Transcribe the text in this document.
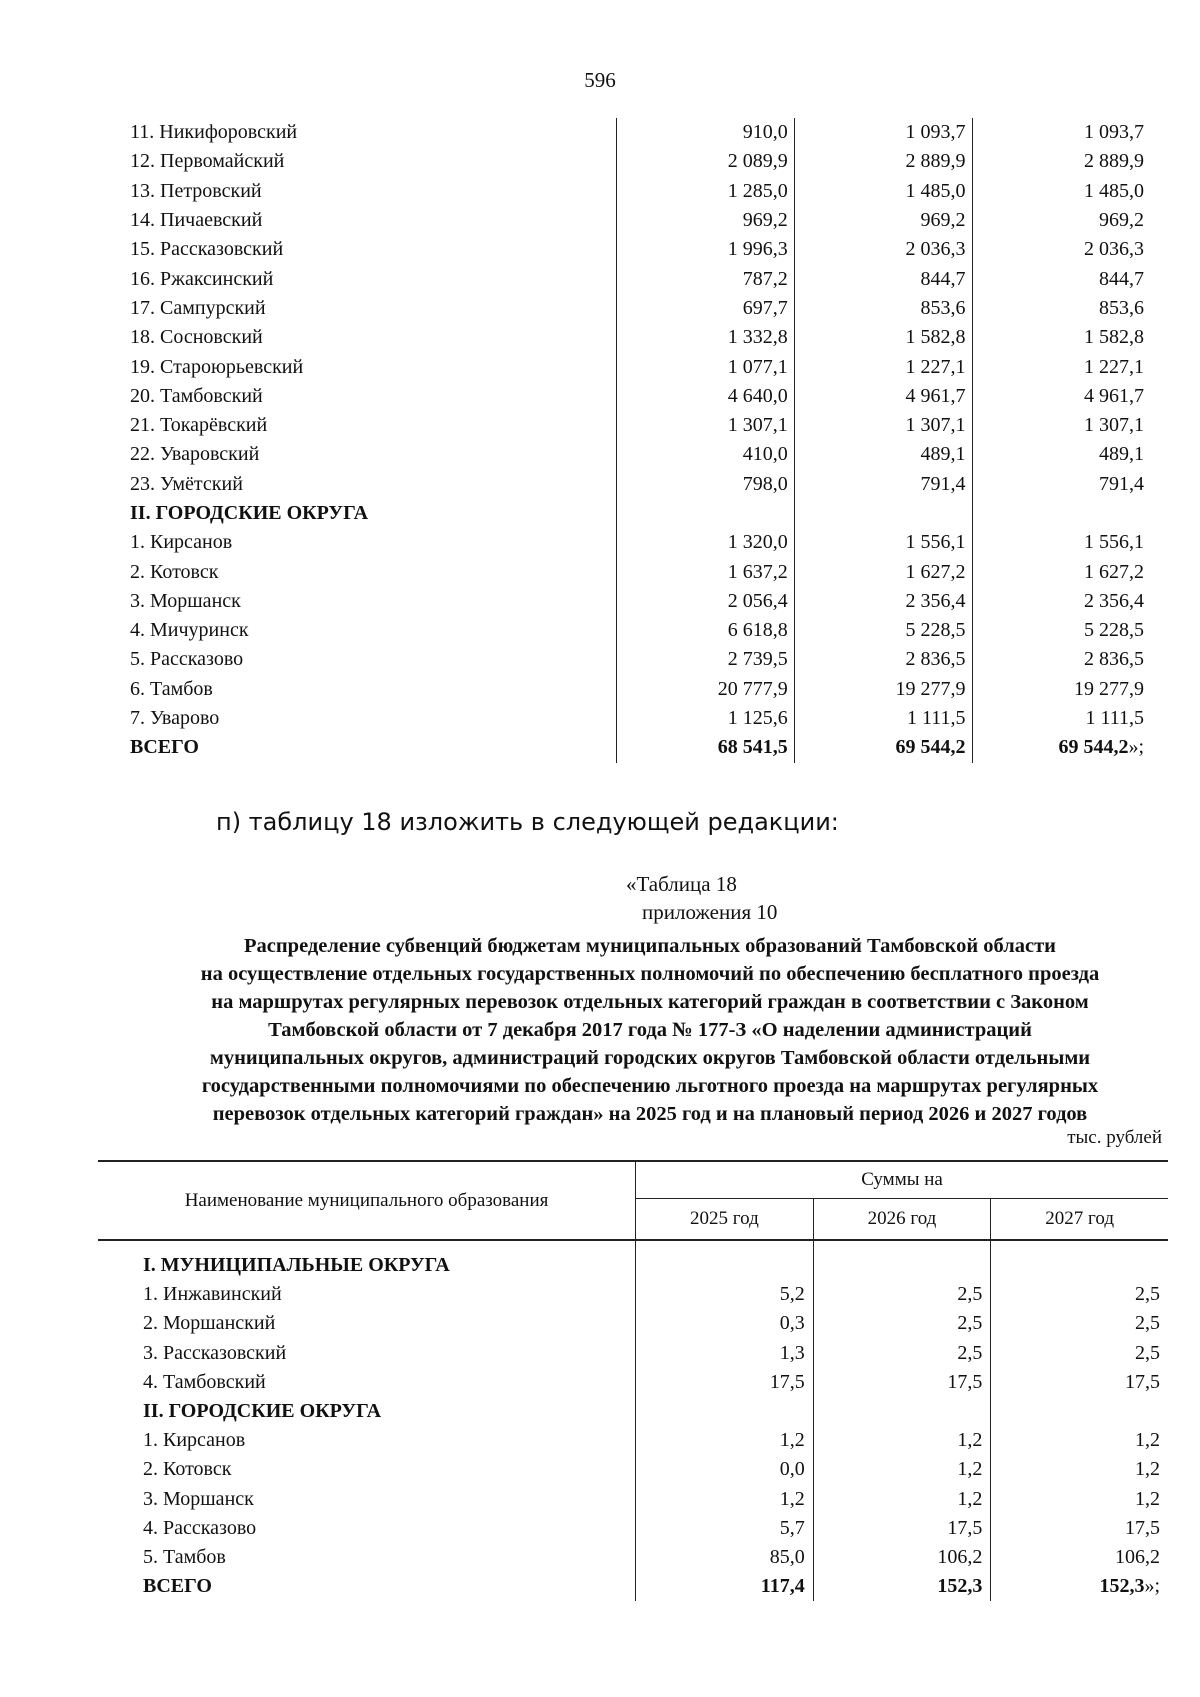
596
11. Никифоровский	910,0	1 093,7	1 093,7
12. Первомайский	2 089,9	2 889,9	2 889,9
13. Петровский	1 285,0	1 485,0	1 485,0
14. Пичаевский	969,2	969,2	969,2
15. Рассказовский	1 996,3	2 036,3	2 036,3
16. Ржаксинский	787,2	844,7	844,7
17. Сампурский	697,7	853,6	853,6
18. Сосновский	1 332,8	1 582,8	1 582,8
19. Староюрьевский	1 077,1	1 227,1	1 227,1
20. Тамбовский	4 640,0	4 961,7	4 961,7
21. Токарёвский	1 307,1	1 307,1	1 307,1
22. Уваровский	410,0	489,1	489,1
23. Умётский	798,0	791,4	791,4
II. ГОРОДСКИЕ ОКРУГА			
1. Кирсанов	1 320,0	1 556,1	1 556,1
2. Котовск	1 637,2	1 627,2	1 627,2
3. Моршанск	2 056,4	2 356,4	2 356,4
4. Мичуринск	6 618,8	5 228,5	5 228,5
5. Рассказово	2 739,5	2 836,5	2 836,5
6. Тамбов	20 777,9	19 277,9	19 277,9
7. Уварово	1 125,6	1 111,5	1 111,5
ВСЕГО	68 541,5	69 544,2	69 544,2»;
п) таблицу 18 изложить в следующей редакции:
«Таблица 18
приложения 10
Распределение субвенций бюджетам муниципальных образований Тамбовской области
на осуществление отдельных государственных полномочий по обеспечению бесплатного проезда
на маршрутах регулярных перевозок отдельных категорий граждан в соответствии с Законом
Тамбовской области от 7 декабря 2017 года № 177-З «О наделении администраций
муниципальных округов, администраций городских округов Тамбовской области отдельными
государственными полномочиями по обеспечению льготного проезда на маршрутах регулярных
перевозок отдельных категорий граждан» на 2025 год и на плановый период 2026 и 2027 годов
тыс. рублей
Наименование муниципального образования	Суммы на		
	2025 год	2026 год	2027 год
I. МУНИЦИПАЛЬНЫЕ ОКРУГА			
1. Инжавинский	5,2	2,5	2,5
2. Моршанский	0,3	2,5	2,5
3. Рассказовский	1,3	2,5	2,5
4. Тамбовский	17,5	17,5	17,5
II. ГОРОДСКИЕ ОКРУГА			
1. Кирсанов	1,2	1,2	1,2
2. Котовск	0,0	1,2	1,2
3. Моршанск	1,2	1,2	1,2
4. Рассказово	5,7	17,5	17,5
5. Тамбов	85,0	106,2	106,2
ВСЕГО	117,4	152,3	152,3»;
